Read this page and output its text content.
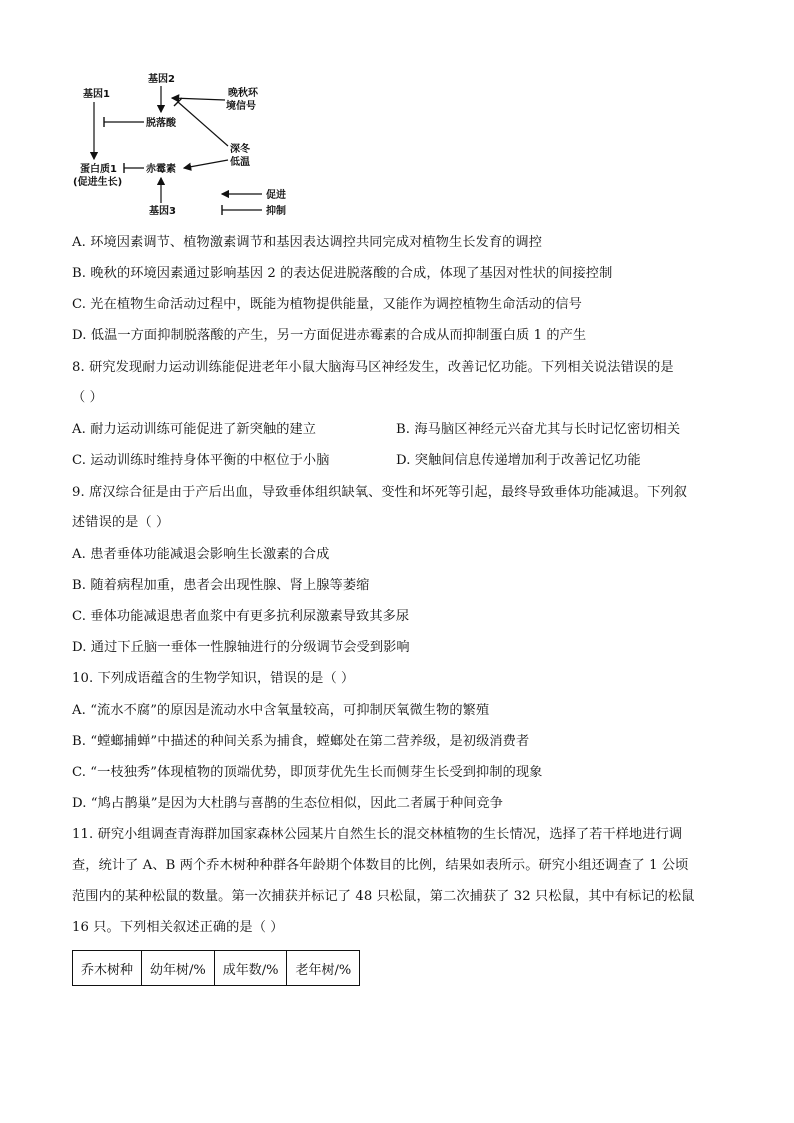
基因2
基因1	晚秋环
境信号
脱落酸
深冬
低温
赤霉素
蛋白质1
(促进生长)
促进
基因3	抑制
A. 环境因素调节、植物激素调节和基因表达调控共同完成对植物生长发育的调控
B. 晚秋的环境因素通过影响基因 2 的表达促进脱落酸的合成，体现了基因对性状的间接控制
C. 光在植物生命活动过程中，既能为植物提供能量，又能作为调控植物生命活动的信号
D. 低温一方面抑制脱落酸的产生，另一方面促进赤霉素的合成从而抑制蛋白质 1 的产生
8. 研究发现耐力运动训练能促进老年小鼠大脑海马区神经发生，改善记忆功能。下列相关说法错误的是
（ ）
A. 耐力运动训练可能促进了新突触的建立	B. 海马脑区神经元兴奋尤其与长时记忆密切相关
C. 运动训练时维持身体平衡的中枢位于小脑	D. 突触间信息传递增加利于改善记忆功能
9. 席汉综合征是由于产后出血，导致垂体组织缺氧、变性和坏死等引起，最终导致垂体功能减退。下列叙
述错误的是（ ）
A. 患者垂体功能减退会影响生长激素的合成
B. 随着病程加重，患者会出现性腺、肾上腺等萎缩
C. 垂体功能减退患者血浆中有更多抗利尿激素导致其多尿
D. 通过下丘脑一垂体一性腺轴进行的分级调节会受到影响
10. 下列成语蕴含的生物学知识，错误的是（ ）
A. “流水不腐”的原因是流动水中含氧量较高，可抑制厌氧微生物的繁殖
B. “螳螂捕蝉”中描述的种间关系为捕食，螳螂处在第二营养级，是初级消费者
C. “一枝独秀”体现植物的顶端优势，即顶芽优先生长而侧芽生长受到抑制的现象
D. “鸠占鹊巢”是因为大杜鹃与喜鹊的生态位相似，因此二者属于种间竞争
11. 研究小组调查青海群加国家森林公园某片自然生长的混交林植物的生长情况，选择了若干样地进行调
查，统计了 A、B 两个乔木树种种群各年龄期个体数目的比例，结果如表所示。研究小组还调查了 1 公顷
范围内的某种松鼠的数量。第一次捕获并标记了 48 只松鼠，第二次捕获了 32 只松鼠，其中有标记的松鼠
16 只。下列相关叙述正确的是（ ）
乔木树种	幼年树/%	成年数/%	老年树/%
